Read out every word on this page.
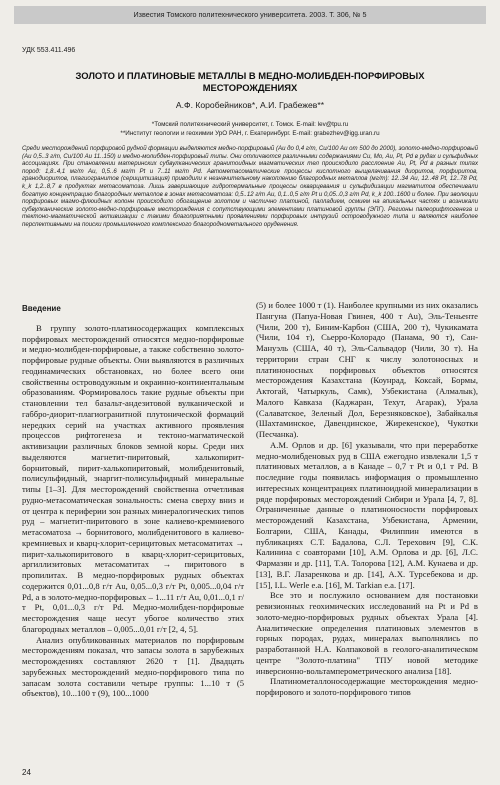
Известия Томского политехнического университета. 2003. Т. 306, № 5
УДК 553.411.496
ЗОЛОТО И ПЛАТИНОВЫЕ МЕТАЛЛЫ В МЕДНО-МОЛИБДЕН-ПОРФИРОВЫХ МЕСТОРОЖДЕНИЯХ
А.Ф. Коробейников*, А.И. Грабежев**
*Томский политехнический университет, г. Томск. E-mail: lev@tpu.ru
**Институт геологии и геохимии УрО РАН, г. Екатеринбург. E-mail: grabezhev@igg.uran.ru
Среди месторождений порфировой рудной формации выделяются медно-порфировый (Au до 0,4 г/т, Cu/100 Au от 500 до 2000), золото-медно-порфировый (Au 0,5..3 г/т, Cu/100 Au 11..150) и медно-молибден-порфировый типы. Они отличаются различными содержаниями Cu, Mo, Au, Pt, Pd в рудах и сульфидных ассоциациях. При становлении материнских субвулканических гранитоидных магматических тел происходило расслоение Au, Pt, Pd в разных типах пород: 1,8..4,1 мг/т Au, 0,5..6 мг/т Pt и 7..11 мг/т Pd. Автометасоматические процессы кислотного выщелачивания диоритов, порфиритов, гранодиоритов, плагиогранитов (серицитизация) приводили к незначительному накоплению благородных металлов (мг/т): 12..34 Au, 12..48 Pt, 12..78 Pd, k_k 1,2..8,7 в продуктах метасоматоза. Лишь завершающие гидротермальные процессы окварцевания и сульфидизации магматитов обеспечивали богатую концентрацию благородных металлов в зонах метасоматоза: 0,5..12 г/т Au, 0,1..0,5 г/т Pt и 0,05..0,3 г/т Pd, k_k 100..1600 и более. При эволюции порфировых магмо-флюидных колонн происходило обогащение золотом и частично платиной, палладием, осмием на апикальных частях и возникали субвулканические золото-медно-порфировые месторождения с сопутствующими элементами платиновой группы (ЭПГ). Регионы палеорифтогенеза и тектоно-магматической активизации с такими благоприятными проявлениями порфировых интрузий островодужного типа и являются наиболее перспективными на поиски промышленного комплексного благороднометального оруденения.
Введение

В группу золото-платиносодержащих комплексных порфировых месторождений относятся медно-порфировые и медно-молибден-порфировые, а также собственно золото-порфировые рудные объекты. Они выявляются в различных геодинамических обстановках, но более всего они свойственны островодужным и окраинно-континентальным образованиям. Формировалось такие рудные объекты при становлении тел базальт-андезитовой вулканической и габбро-диорит-плагиогранитной плутонической формаций нередких серий на участках активного проявления процессов рифтогенеза и тектоно-магматической активизации различных блоков земной коры. Среди них выделяются магнетит-пиритовый, халькопирит-борнитовый, пирит-халькопиритовый, молибденитовый, полисульфидный, энаргит-полисульфидный минеральные типы [1–3]. Для месторождений свойственна отчетливая рудно-метасоматическая зональность: смена сверху вниз и от центра к периферии зон разных минералогических типов руд – магнетит-пиритового в зоне калиево-кремниевого метасоматоза → борнитового, молибденитового в калиево-кремниевых и кварц-хлорит-серицитовых метасоматитах → пирит-халькопиритового в кварц-хлорит-серицитовых, аргиллизитовых метасоматитах → пиритового в пропилитах. В медно-порфировых рудных объектах содержится 0,01...0,8 г/т Au, 0,05...0,3 г/т Pt, 0,005...0,04 г/т Pd, а в золото-медно-порфировых – 1...11 г/т Au, 0,01...0,1 г/т Pt, 0,01...0,3 г/т Pd. Медно-молибден-порфировые месторождения чаще несут убогое количество этих благородных металлов – 0,005...0,01 г/т [2, 4, 5].

Анализ опубликованных материалов по порфировым месторождениям показал, что запасы золота в зарубежных месторождениях составляют 2620 т [1]. Двадцать зарубежных месторождений медно-порфирового типа по запасам золота составили четыре группы: 1...10 т (5 объектов), 10...100 т (9), 100...1000

(5) и более 1000 т (1). Наиболее крупными из них оказались Пангуна (Папуа-Новая Гвинея, 400 т Au), Эль-Теньенте (Чили, 200 т), Биним-Карбон (США, 200 т), Чукикамата (Чили, 104 т), Сьерро-Колорадо (Панама, 90 т), Сан-Мануэль (США, 40 т), Эль-Сальвадор (Чили, 30 т). На территории стран СНГ к числу золотоносных и платиноносных порфировых объектов относятся месторождения Казахстана (Коунрад, Коксай, Бормы, Актогай, Чатыркуль, Самк), Узбекистана (Алмалык), Малого Кавказа (Каджаран, Техут, Агарак), Урала (Салаватское, Зеленый Дол, Березняковское), Забайкалья (Шахтаминское, Давендинское, Жирекенское), Чукотки (Песчанка).

А.М. Орлов и др. [6] указывали, что при переработке медно-молибденовых руд в США ежегодно извлекали 1,5 т платиновых металлов, а в Канаде – 0,7 т Pt и 0,1 т Pd. В последние годы появилась информация о промышленно интересных концентрациях платиноидной минерализации в рядe порфировых месторождений Сибири и Урала [4, 7, 8]. Ограниченные данные о платиноносности порфировых месторождений Казахстана, Узбекистана, Армении, Болгарии, США, Канады, Филиппин имеются в публикациях С.Т. Бадалова, С.Л. Терехович [9], С.К. Калинина с соавторами [10], А.М. Орлова и др. [6], Л.С. Фармазян и др. [11], Т.А. Толорова [12], А.М. Кунаева и др. [13], В.Г. Лазаренкова и др. [14], А.Х. Турсебекова и др. [15], I.L. Werle e.a. [16], M. Tarkian e.a. [17].

Все это и послужило основанием для постановки ревизионных геохимических исследований на Pt и Pd в золото-медно-порфировых рудных объектах Урала [4]. Аналитические определения платиновых элементов в горных породах, рудах, минералах выполнялись по разработанной Н.А. Колпаковой в геолого-аналитическом центре "Золото-платина" ТПУ новой методике инверсионно-вольтамперометрического анализа [18].

Платинометаллоносодержащие месторождения медно-порфирового и золото-порфирового типов

24
